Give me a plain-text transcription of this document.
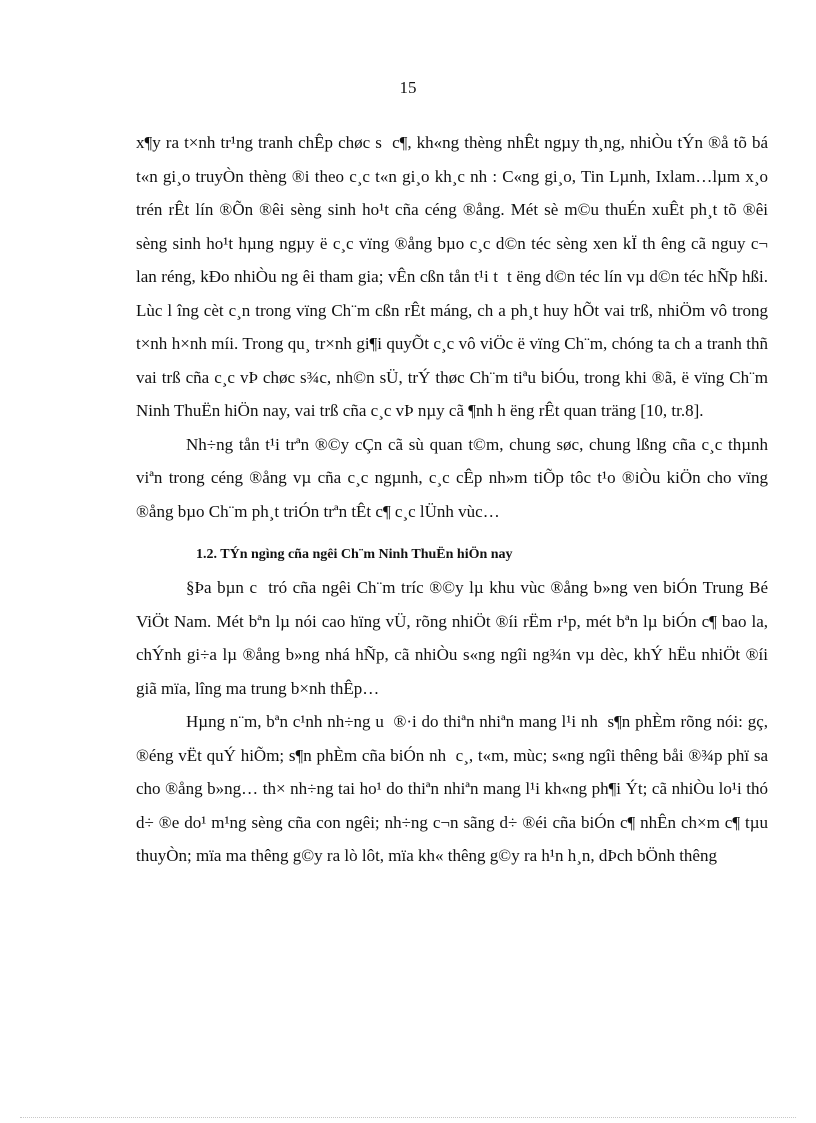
15

x¶y ra t×nh tr¹ng tranh chÊp chøc s  c¶, kh«ng thèng nhÊt ngµy th¸ng, nhiÒu tÝn ®å tõ bá t«n gi¸o truyÒn thèng ®i theo c¸c t«n gi¸o kh¸c nh : C«ng gi¸o, Tin Lµnh, Ixlam…lµm x¸o trén rÊt lín ®Õn ®êi sèng sinh ho¹t cña céng ®ång. Mét sè m©u thuÉn xuÊt ph¸t tõ ®êi sèng sinh ho¹t hµng ngµy ë c¸c vïng ®ång bµo c¸c d©n téc sèng xen kÏ th êng cã nguy c¬ lan réng, kÐo nhiÒu ng êi tham gia; vÊn cßn tån t¹i t  t ëng d©n téc lín vµ d©n téc hÑp hßi. Lùc l îng cèt c¸n trong vïng Ch¨m cßn rÊt máng, ch a ph¸t huy hÕt vai trß, nhiÖm vô trong t×nh h×nh míi. Trong qu¸ tr×nh gi¶i quyÕt c¸c vô viÖc ë vïng Ch¨m, chóng ta ch a tranh thñ vai trß cña c¸c vÞ chøc s¾c, nh©n sÜ, trÝ thøc Ch¨m tiªu biÓu, trong khi ®ã, ë vïng Ch¨m Ninh ThuËn hiÖn nay, vai trß cña c¸c vÞ nµy cã ¶nh h ëng rÊt quan träng [10, tr.8].

Nh÷ng tån t¹i trªn ®©y cÇn cã sù quan t©m, chung søc, chung lßng cña c¸c thµnh viªn trong céng ®ång vµ cña c¸c ngµnh, c¸c cÊp nh»m tiÕp tôc t¹o ®iÒu kiÖn cho vïng ®ång bµo Ch¨m ph¸t triÓn trªn tÊt c¶ c¸c lÜnh vùc…

1.2. TÝn ngìng cña ngêi Ch¨m Ninh ThuËn hiÖn nay

§Þa bµn c  tró cña ngêi Ch¨m tríc ®©y lµ khu vùc ®ång b»ng ven biÓn Trung Bé ViÖt Nam. Mét bªn lµ nói cao hïng vÜ, rõng nhiÖt ®íi rËm r¹p, mét bªn lµ biÓn c¶ bao la, chÝnh gi÷a lµ ®ång b»ng nhá hÑp, cã nhiÒu s«ng ngîi ng¾n vµ dèc, khÝ hËu nhiÖt ®íi giã mïa, lîng ma trung b×nh thÊp…

Hµng n¨m, bªn c¹nh nh÷ng u  ®·i do thiªn nhiªn mang l¹i nh  s¶n phÈm rõng nói: gç, ®éng vËt quÝ hiÕm; s¶n phÈm cña biÓn nh  c¸, t«m, mùc; s«ng ngîi thêng båi ®¾p phï sa cho ®ång b»ng… th× nh÷ng tai ho¹ do thiªn nhiªn mang l¹i kh«ng ph¶i Ýt; cã nhiÒu lo¹i thó d÷ ®e do¹ m¹ng sèng cña con ngêi; nh÷ng c¬n sãng d÷ ®éi cña biÓn c¶ nhÊn ch×m c¶ tµu thuyÒn; mïa ma thêng g©y ra lò lôt, mïa kh« thêng g©y ra h¹n h¸n, dÞch bÖnh thêng
